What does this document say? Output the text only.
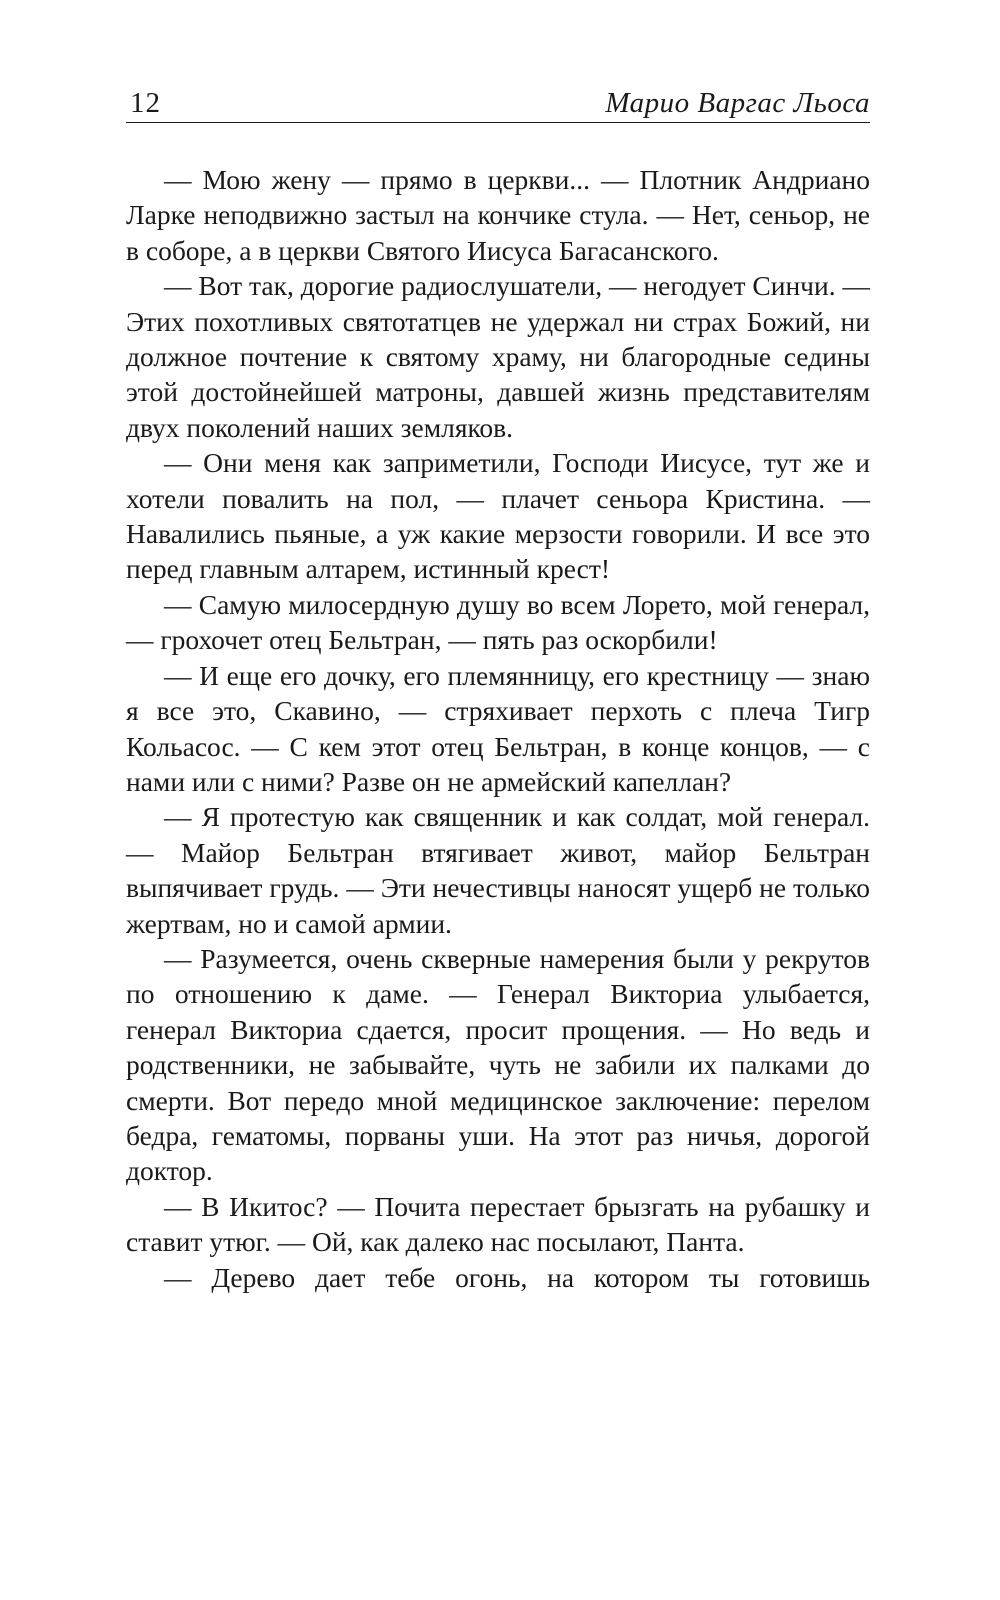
12	Марио Варгас Льоса

— Мою жену — прямо в церкви... — Плотник Андриано Ларке неподвижно застыл на кончике стула. — Нет, сеньор, не в соборе, а в церкви Святого Иисуса Багасанского.

— Вот так, дорогие радиослушатели, — негодует Синчи. — Этих похотливых святотатцев не удержал ни страх Божий, ни должное почтение к святому храму, ни благородные седины этой достойнейшей матроны, давшей жизнь представителям двух поколений наших земляков.

— Они меня как заприметили, Господи Иисусе, тут же и хотели повалить на пол, — плачет сеньора Кристина. — Навалились пьяные, а уж какие мерзости говорили. И все это перед главным алтарем, истинный крест!

— Самую милосердную душу во всем Лорето, мой генерал, — грохочет отец Бельтран, — пять раз оскорбили!

— И еще его дочку, его племянницу, его крестницу — знаю я все это, Скавино, — стряхивает перхоть с плеча Тигр Кольасос. — С кем этот отец Бельтран, в конце концов, — с нами или с ними? Разве он не армейский капеллан?

— Я протестую как священник и как солдат, мой генерал. — Майор Бельтран втягивает живот, майор Бельтран выпячивает грудь. — Эти нечестивцы наносят ущерб не только жертвам, но и самой армии.

— Разумеется, очень скверные намерения были у рекрутов по отношению к даме. — Генерал Викториа улыбается, генерал Викториа сдается, просит прощения. — Но ведь и родственники, не забывайте, чуть не забили их палками до смерти. Вот передо мной медицинское заключение: перелом бедра, гематомы, порваны уши. На этот раз ничья, дорогой доктор.

— В Икитос? — Почита перестает брызгать на рубашку и ставит утюг. — Ой, как далеко нас посылают, Панта.

— Дерево дает тебе огонь, на котором ты готовишь
